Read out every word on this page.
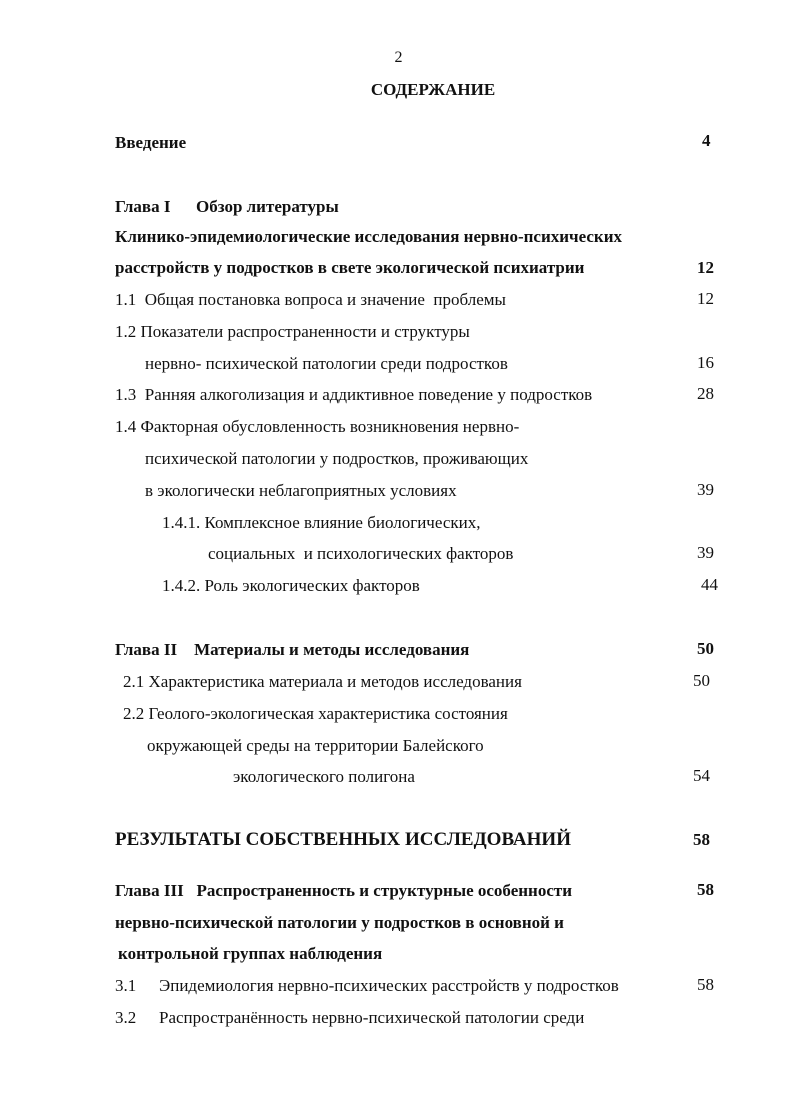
2
СОДЕРЖАНИЕ
Введение	4
Глава I      Обзор литературы
Клинико-эпидемиологические исследования нервно-психических
расстройств у подростков в свете экологической психиатрии	12
1.1  Общая постановка вопроса и значение  проблемы	12
1.2 Показатели распространенности и структуры
нервно- психической патологии среди подростков	16
1.3  Ранняя алкоголизация и аддиктивное поведение у подростков	28
1.4 Факторная обусловленность возникновения нервно-
психической патологии у подростков, проживающих
в экологически неблагоприятных условиях	39
1.4.1. Комплексное влияние биологических,
социальных  и психологических факторов	39
1.4.2. Роль экологических факторов	44
Глава II    Материалы и методы исследования	50
2.1 Характеристика материала и методов исследования	50
2.2 Геолого-экологическая характеристика состояния
окружающей среды на территории Балейского
экологического полигона	54
РЕЗУЛЬТАТЫ СОБСТВЕННЫХ ИССЛЕДОВАНИЙ	58
Глава III   Распространенность и структурные особенности	58
нервно-психической патологии у подростков в основной и
контрольной группах наблюдения
3.1 Эпидемиология нервно-психических расстройств у подростков	58
3.2 Распространённость нервно-психической патологии среди
